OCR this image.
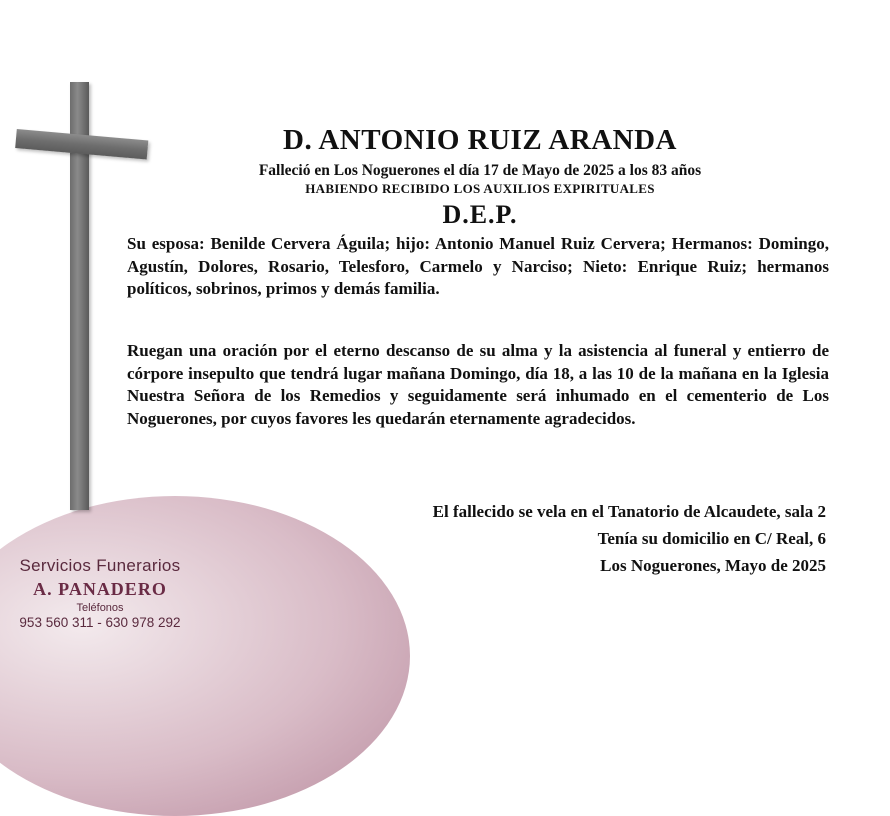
D. ANTONIO RUIZ ARANDA
Falleció en Los Noguerones el día 17 de Mayo de 2025 a los 83 años
HABIENDO RECIBIDO LOS AUXILIOS EXPIRITUALES
D.E.P.
Su esposa: Benilde Cervera Águila; hijo: Antonio Manuel Ruiz Cervera; Hermanos: Domingo, Agustín, Dolores, Rosario, Telesforo, Carmelo y Narciso; Nieto: Enrique Ruiz; hermanos políticos, sobrinos, primos y demás familia.
Ruegan una oración por el eterno descanso de su alma y la asistencia al funeral y entierro de córpore insepulto que tendrá lugar mañana Domingo, día 18, a las 10 de la mañana en la Iglesia Nuestra Señora de los Remedios y seguidamente será inhumado en el cementerio de Los Noguerones, por cuyos favores les quedarán eternamente agradecidos.
El fallecido se vela en el Tanatorio de Alcaudete, sala 2
Tenía su domicilio en C/ Real, 6
Los Noguerones, Mayo de 2025
Servicios Funerarios
A. PANADERO
Teléfonos
953 560 311 - 630 978 292
